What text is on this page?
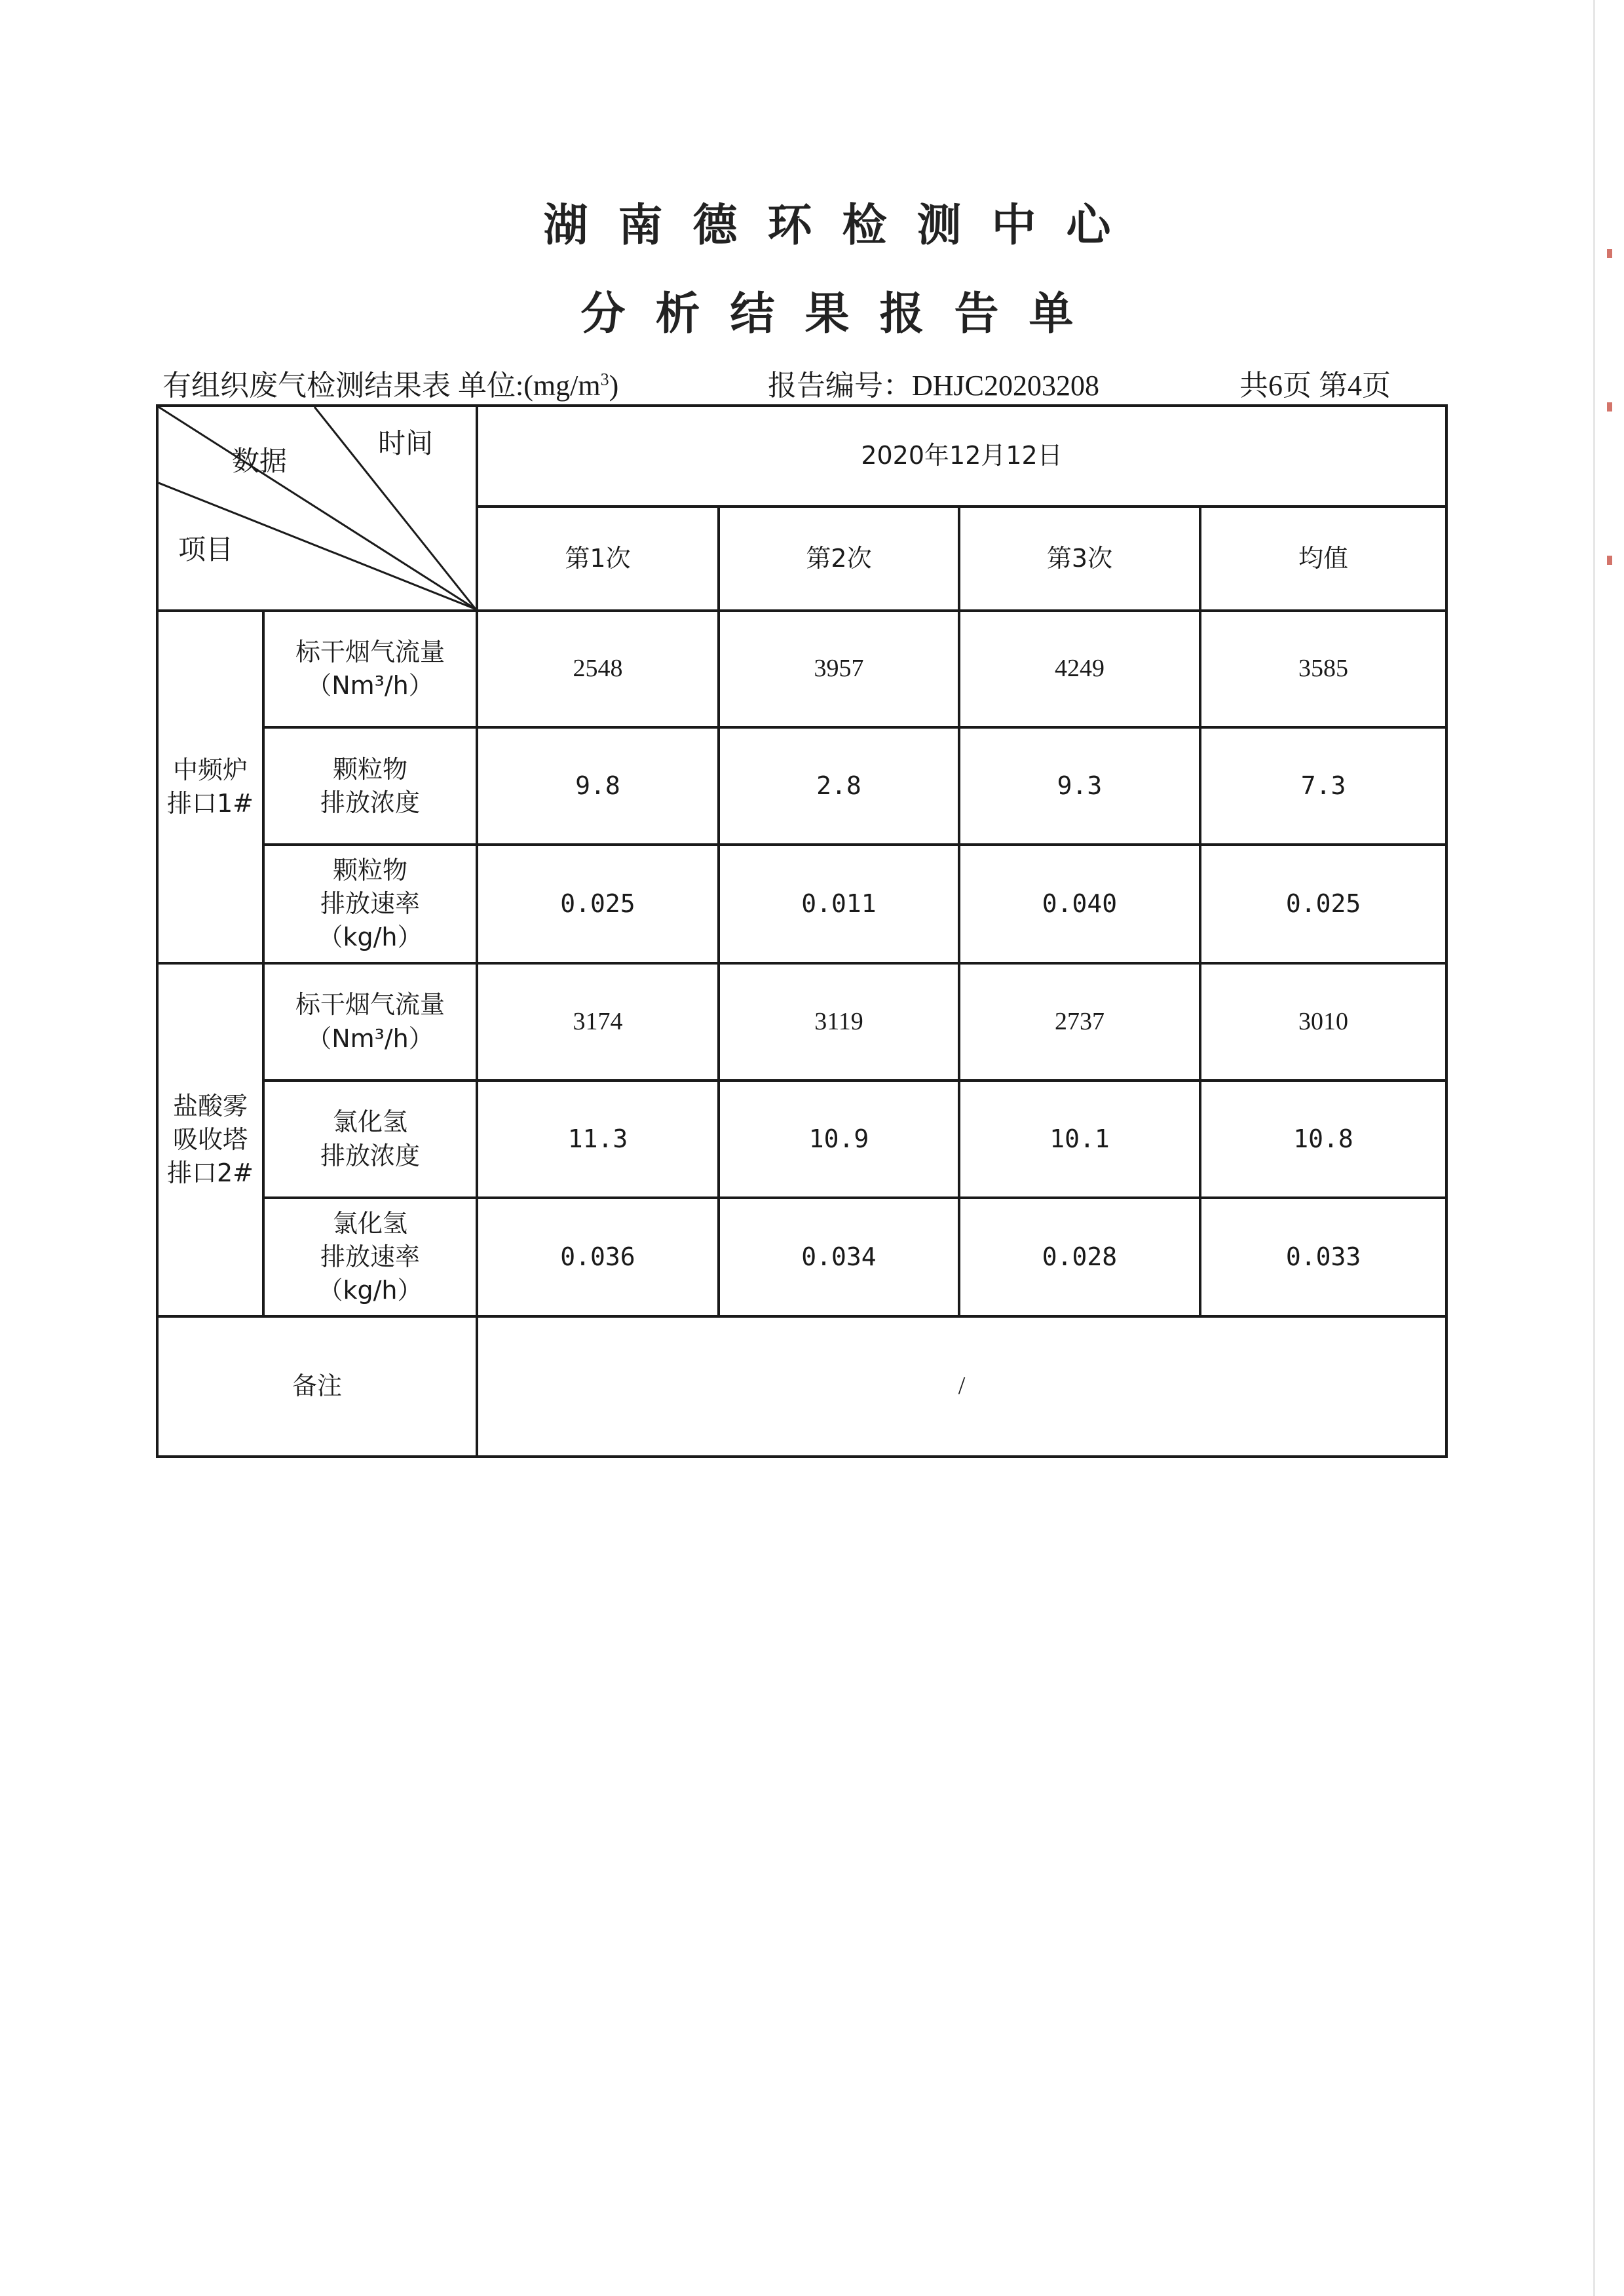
湖南德环检测中心
分析结果报告单
有组织废气检测结果表 单位$:(mg/m^3)$	报告编号：DHJC20203208	共6页 第4页
数据
时间
项目		2020年12月12日			
		第1次	第2次	第3次	均值
中频炉
排口1#	标干烟气流量
（Nm³/h）	2548	3957	4249	3585
	颗粒物
排放浓度	9.8	2.8	9.3	7.3
	颗粒物
排放速率
（kg/h）	0.025	0.011	0.040	0.025
盐酸雾
吸收塔
排口2#	标干烟气流量
（Nm³/h）	3174	3119	2737	3010
	氯化氢
排放浓度	11.3	10.9	10.1	10.8
	氯化氢
排放速率
（kg/h）	0.036	0.034	0.028	0.033
备注		/			
